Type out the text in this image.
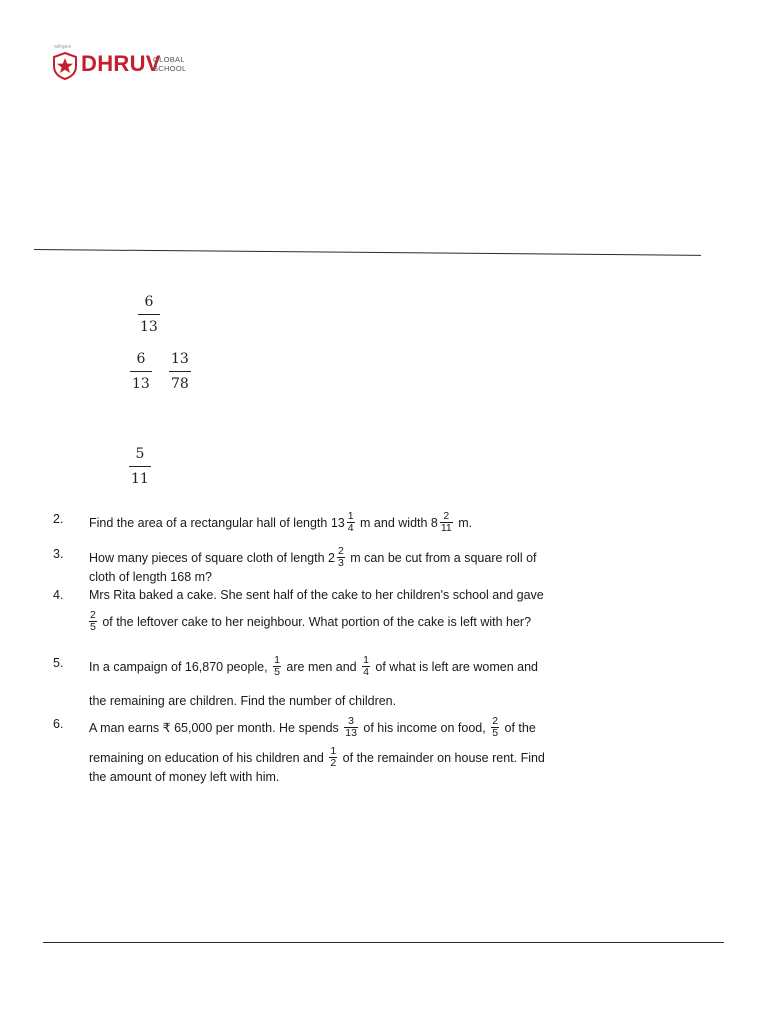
सर्वोत्कृष्टता
DHRUV
GLOBAL
SCHOOL
6
13
6
13
13
78
5
11
2. Find the area of a rectangular hall of length $13 \frac{1}{4}$ m and width $8 \frac{2}{11} m$.
3. How many pieces of square cloth of length $2 \frac{2}{3}$ m can be cut from a square roll of
cloth of length 168 m?
4. Mrs Rita baked a cake. She sent half of the cake to her children's school and gave
$\frac{2}{5}$ of the leftover cake to her neighbour. What portion of the cake is left with her?
5. In a campaign of 16,870 people, $\frac{1}{5}$ are men and $\frac{1}{4}$ of what is left are women and
the remaining are children. Find the number of children.
6. A man earns ₹ 65,000 per month. He spends $\frac{3}{13}$ of his income on food, $\frac{2}{5}$ of the
remaining on education of his children and $\frac{1}{2}$ of the remainder on house rent. Find
the amount of money left with him.
